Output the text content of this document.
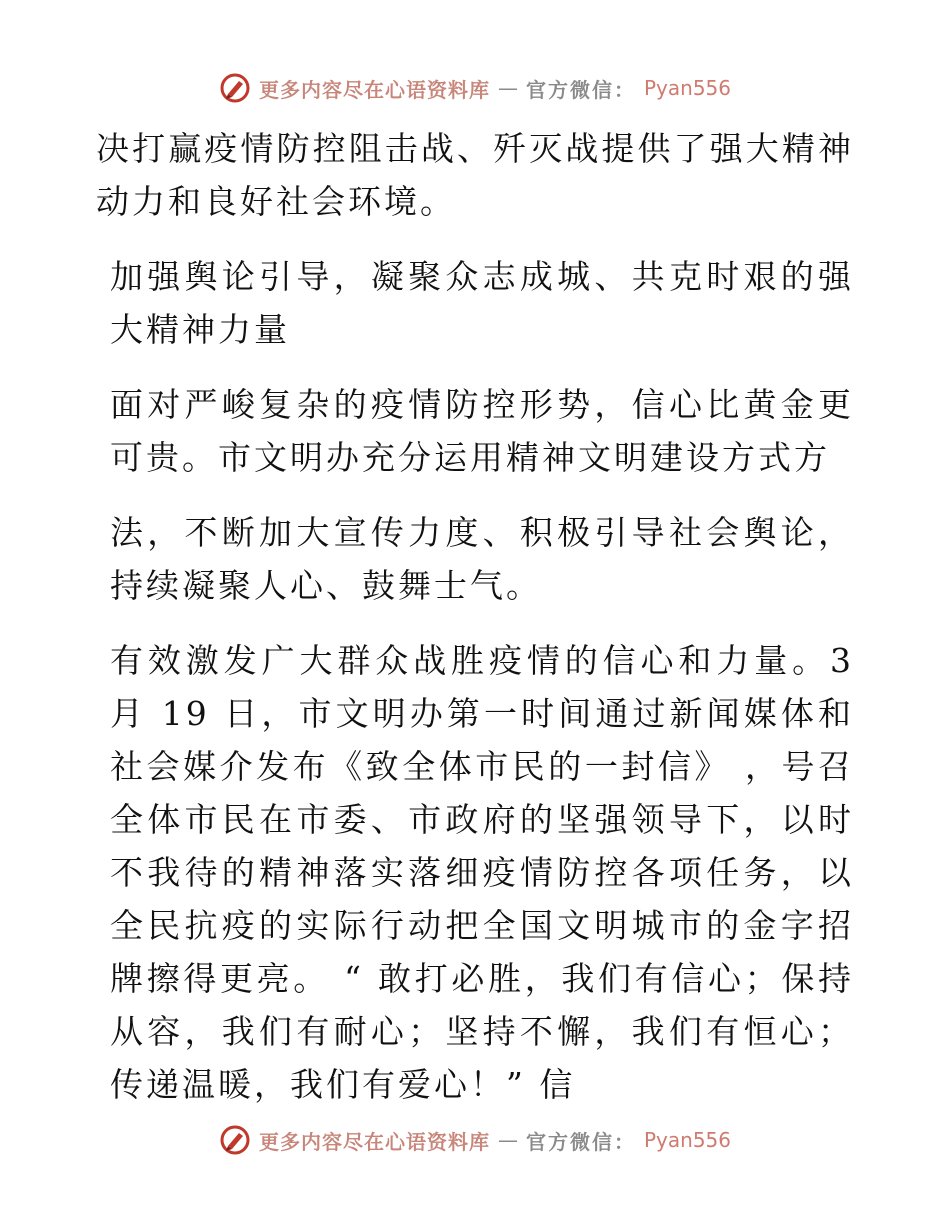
更多内容尽在心语资料库 — 官方微信： Pyan556

决打赢疫情防控阻击战、歼灭战提供了强大精神动力和良好社会环境。

加强舆论引导，凝聚众志成城、共克时艰的强大精神力量

面对严峻复杂的疫情防控形势，信心比黄金更可贵。市文明办充分运用精神文明建设方式方

法，不断加大宣传力度、积极引导社会舆论，持续凝聚人心、鼓舞士气。

有效激发广大群众战胜疫情的信心和力量。3 月 19 日，市文明办第一时间通过新闻媒体和社会媒介发布《致全体市民的一封信》 ，号召全体市民在市委、市政府的坚强领导下，以时不我待的精神落实落细疫情防控各项任务，以全民抗疫的实际行动把全国文明城市的金字招牌擦得更亮。 “ 敢打必胜，我们有信心；保持从容，我们有耐心；坚持不懈，我们有恒心；传递温暖，我们有爱心！” 信

更多内容尽在心语资料库 — 官方微信： Pyan556
